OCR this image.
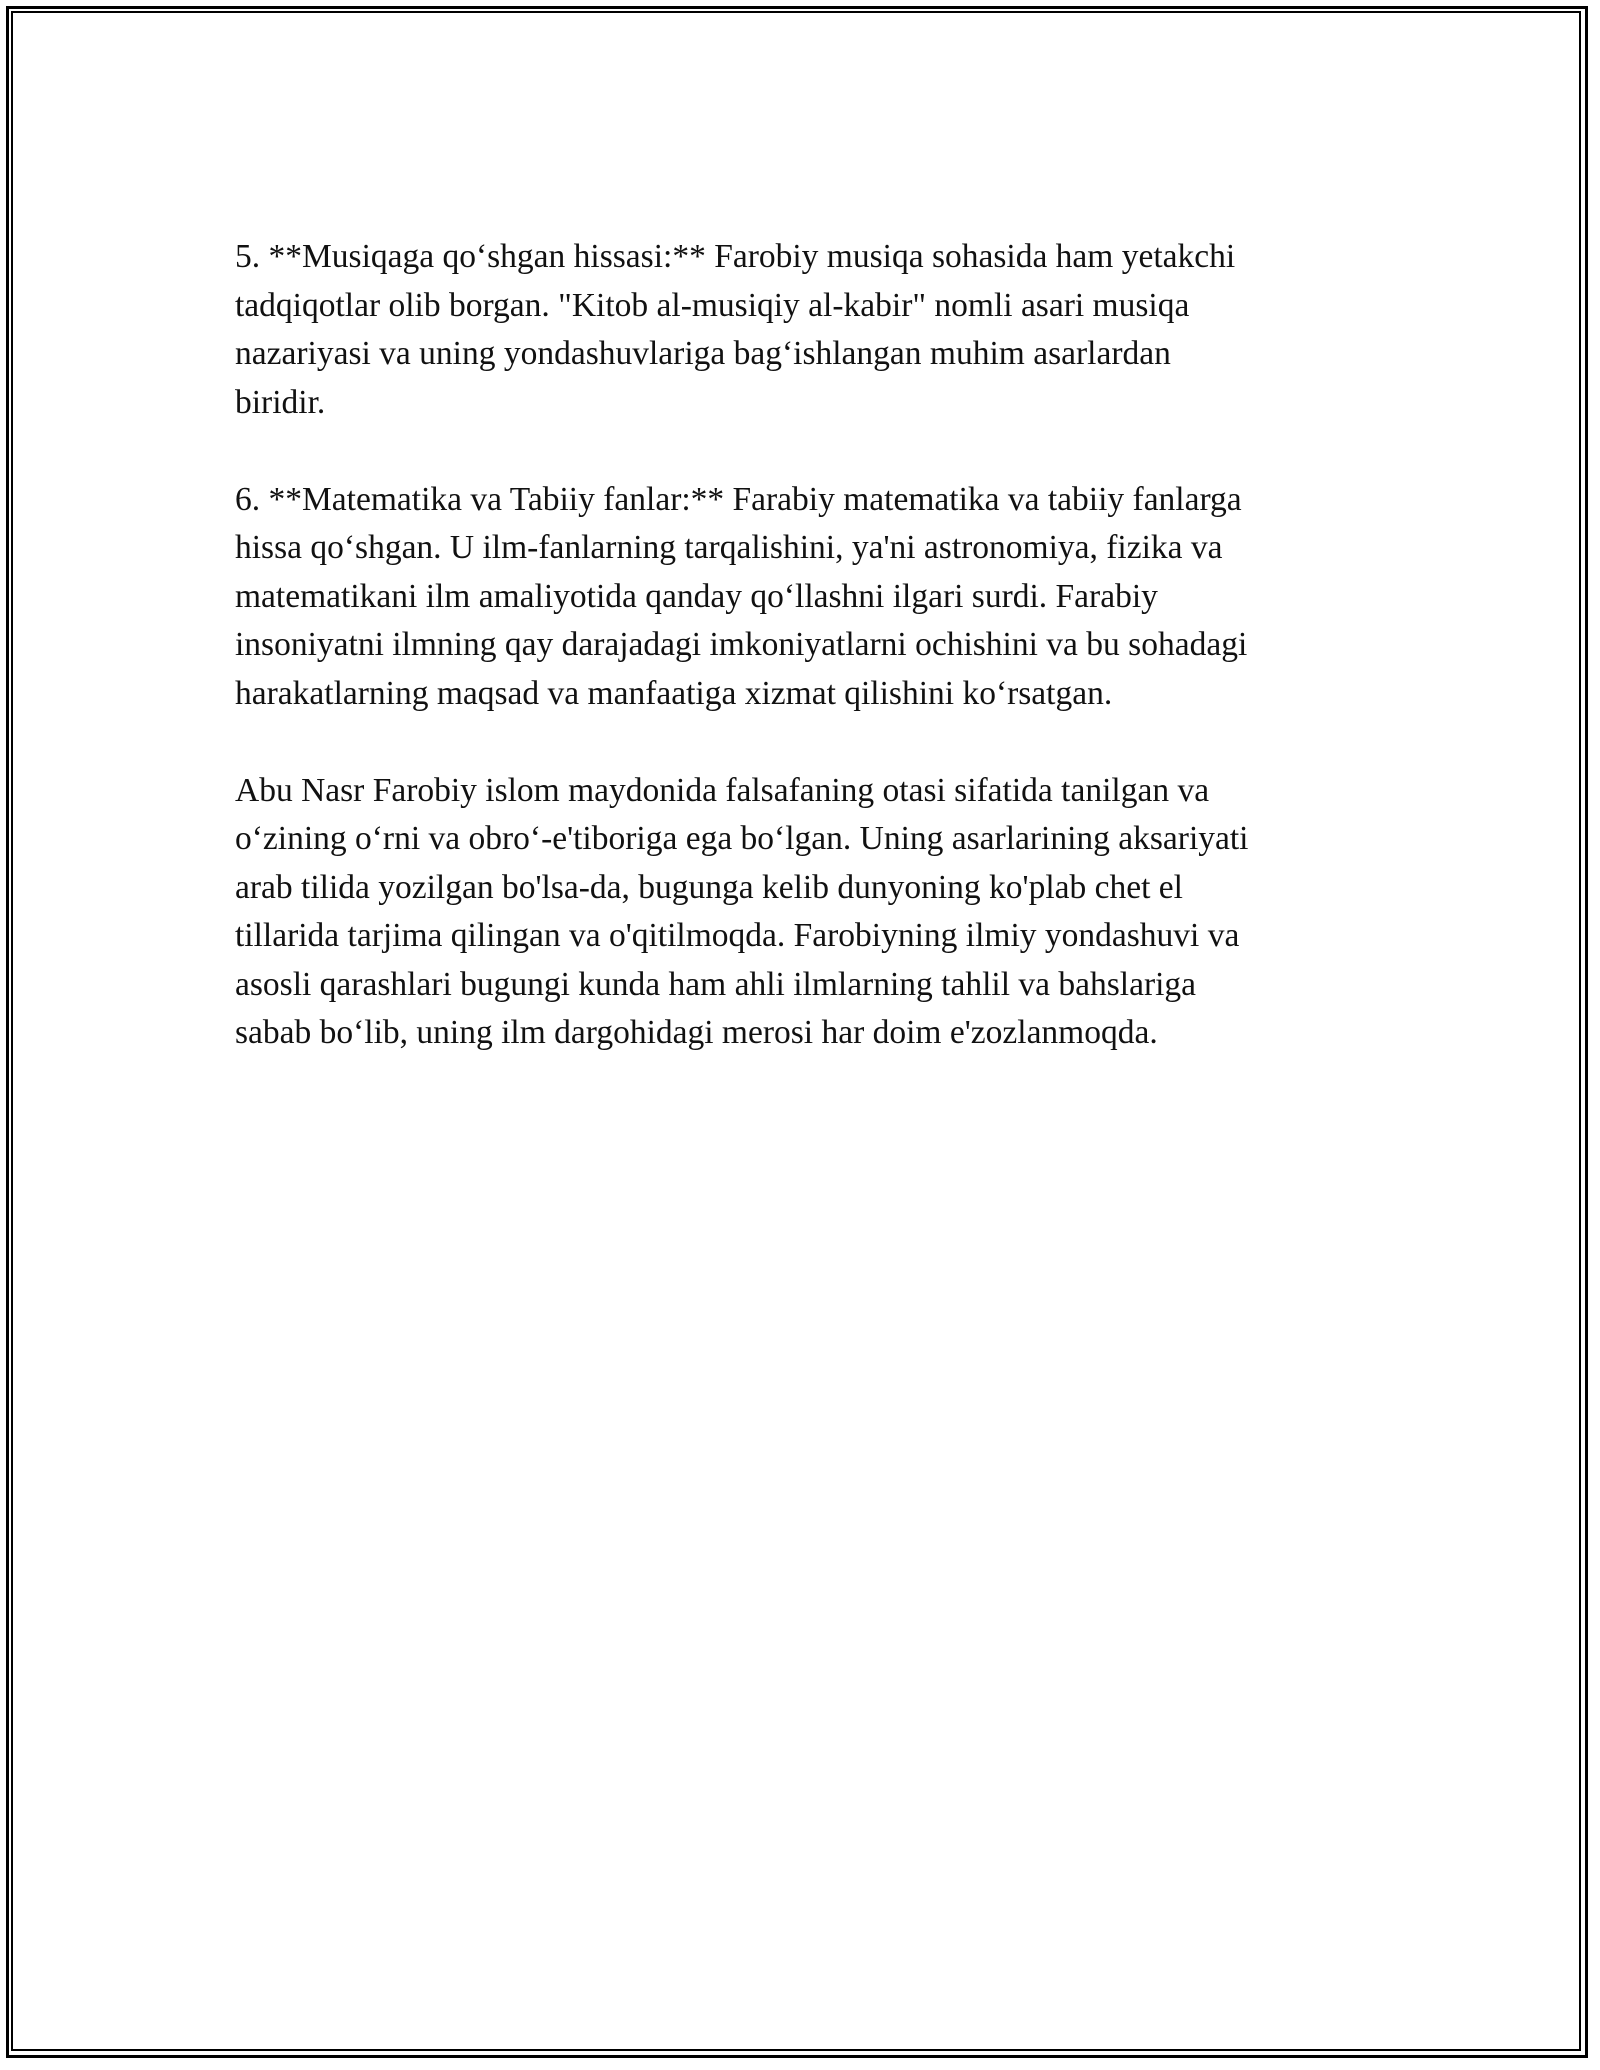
5. **Musiqaga qo‘shgan hissasi:** Farobiy musiqa sohasida ham yetakchi
tadqiqotlar olib borgan. "Kitob al-musiqiy al-kabir" nomli asari musiqa
nazariyasi va uning yondashuvlariga bag‘ishlangan muhim asarlardan
biridir.

6. **Matematika va Tabiiy fanlar:** Farabiy matematika va tabiiy fanlarga
hissa qo‘shgan. U ilm-fanlarning tarqalishini, ya'ni astronomiya, fizika va
matematikani ilm amaliyotida qanday qo‘llashni ilgari surdi. Farabiy
insoniyatni ilmning qay darajadagi imkoniyatlarni ochishini va bu sohadagi
harakatlarning maqsad va manfaatiga xizmat qilishini ko‘rsatgan.

Abu Nasr Farobiy islom maydonida falsafaning otasi sifatida tanilgan va
o‘zining o‘rni va obro‘-e'tiboriga ega bo‘lgan. Uning asarlarining aksariyati
arab tilida yozilgan bo'lsa-da, bugunga kelib dunyoning ko'plab chet el
tillarida tarjima qilingan va o'qitilmoqda. Farobiyning ilmiy yondashuvi va
asosli qarashlari bugungi kunda ham ahli ilmlarning tahlil va bahslariga
sabab bo‘lib, uning ilm dargohidagi merosi har doim e'zozlanmoqda.
